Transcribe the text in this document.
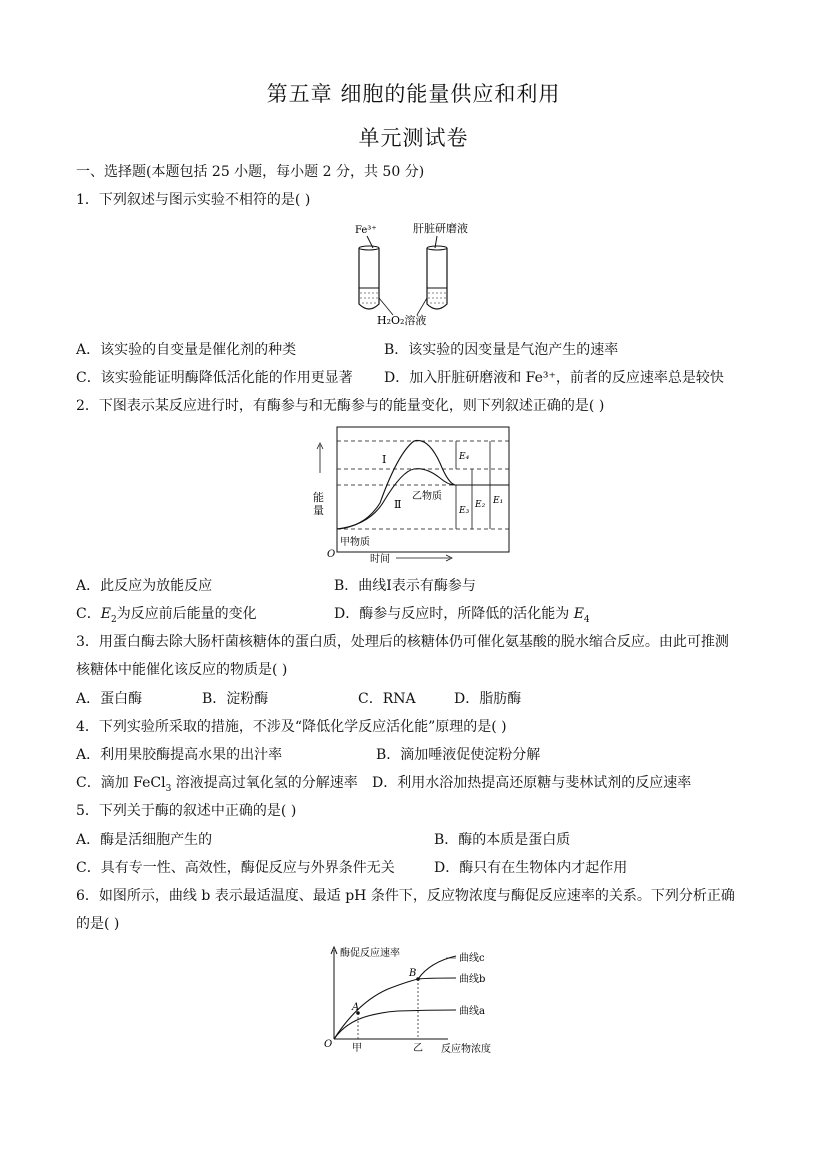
第五章 细胞的能量供应和利用
单元测试卷
一、选择题(本题包括 25 小题，每小题 2 分，共 50 分)
1．下列叙述与图示实验不相符的是( )
Fe³⁺	肝脏研磨液
H₂O₂溶液
A．该实验的自变量是催化剂的种类	B．该实验的因变量是气泡产生的速率
C．该实验能证明酶降低活化能的作用更显著 D．加入肝脏研磨液和 Fe³⁺，前者的反应速率总是较快
2．下图表示某反应进行时，有酶参与和无酶参与的能量变化，则下列叙述正确的是( )
Ⅰ
Ⅱ
乙物质
甲物质
E₄
E₂
E₃
E₁
能
量
O	时间
A．此反应为放能反应	B．曲线Ⅰ表示有酶参与
C．$E_2$为反应前后能量的变化	D．酶参与反应时，所降低的活化能为 $E_4$
3．用蛋白酶去除大肠杆菌核糖体的蛋白质，处理后的核糖体仍可催化氨基酸的脱水缩合反应。由此可推测
核糖体中能催化该反应的物质是( )
A．蛋白酶	B．淀粉酶	C．RNA	D．脂肪酶
4．下列实验所采取的措施，不涉及“降低化学反应活化能”原理的是( )
A．利用果胶酶提高水果的出汁率	B．滴加唾液促使淀粉分解
C．滴加 FeCl$_3$ 溶液提高过氧化氢的分解速率 D．利用水浴加热提高还原糖与斐林试剂的反应速率
5．下列关于酶的叙述中正确的是( )
A．酶是活细胞产生的	B．酶的本质是蛋白质
C．具有专一性、高效性，酶促反应与外界条件无关	D．酶只有在生物体内才起作用
6．如图所示，曲线 b 表示最适温度、最适 pH 条件下，反应物浓度与酶促反应速率的关系。下列分析正确
的是( )
酶促反应速率
反应物浓度
O
A
B
甲	乙
曲线c
曲线b
曲线a
